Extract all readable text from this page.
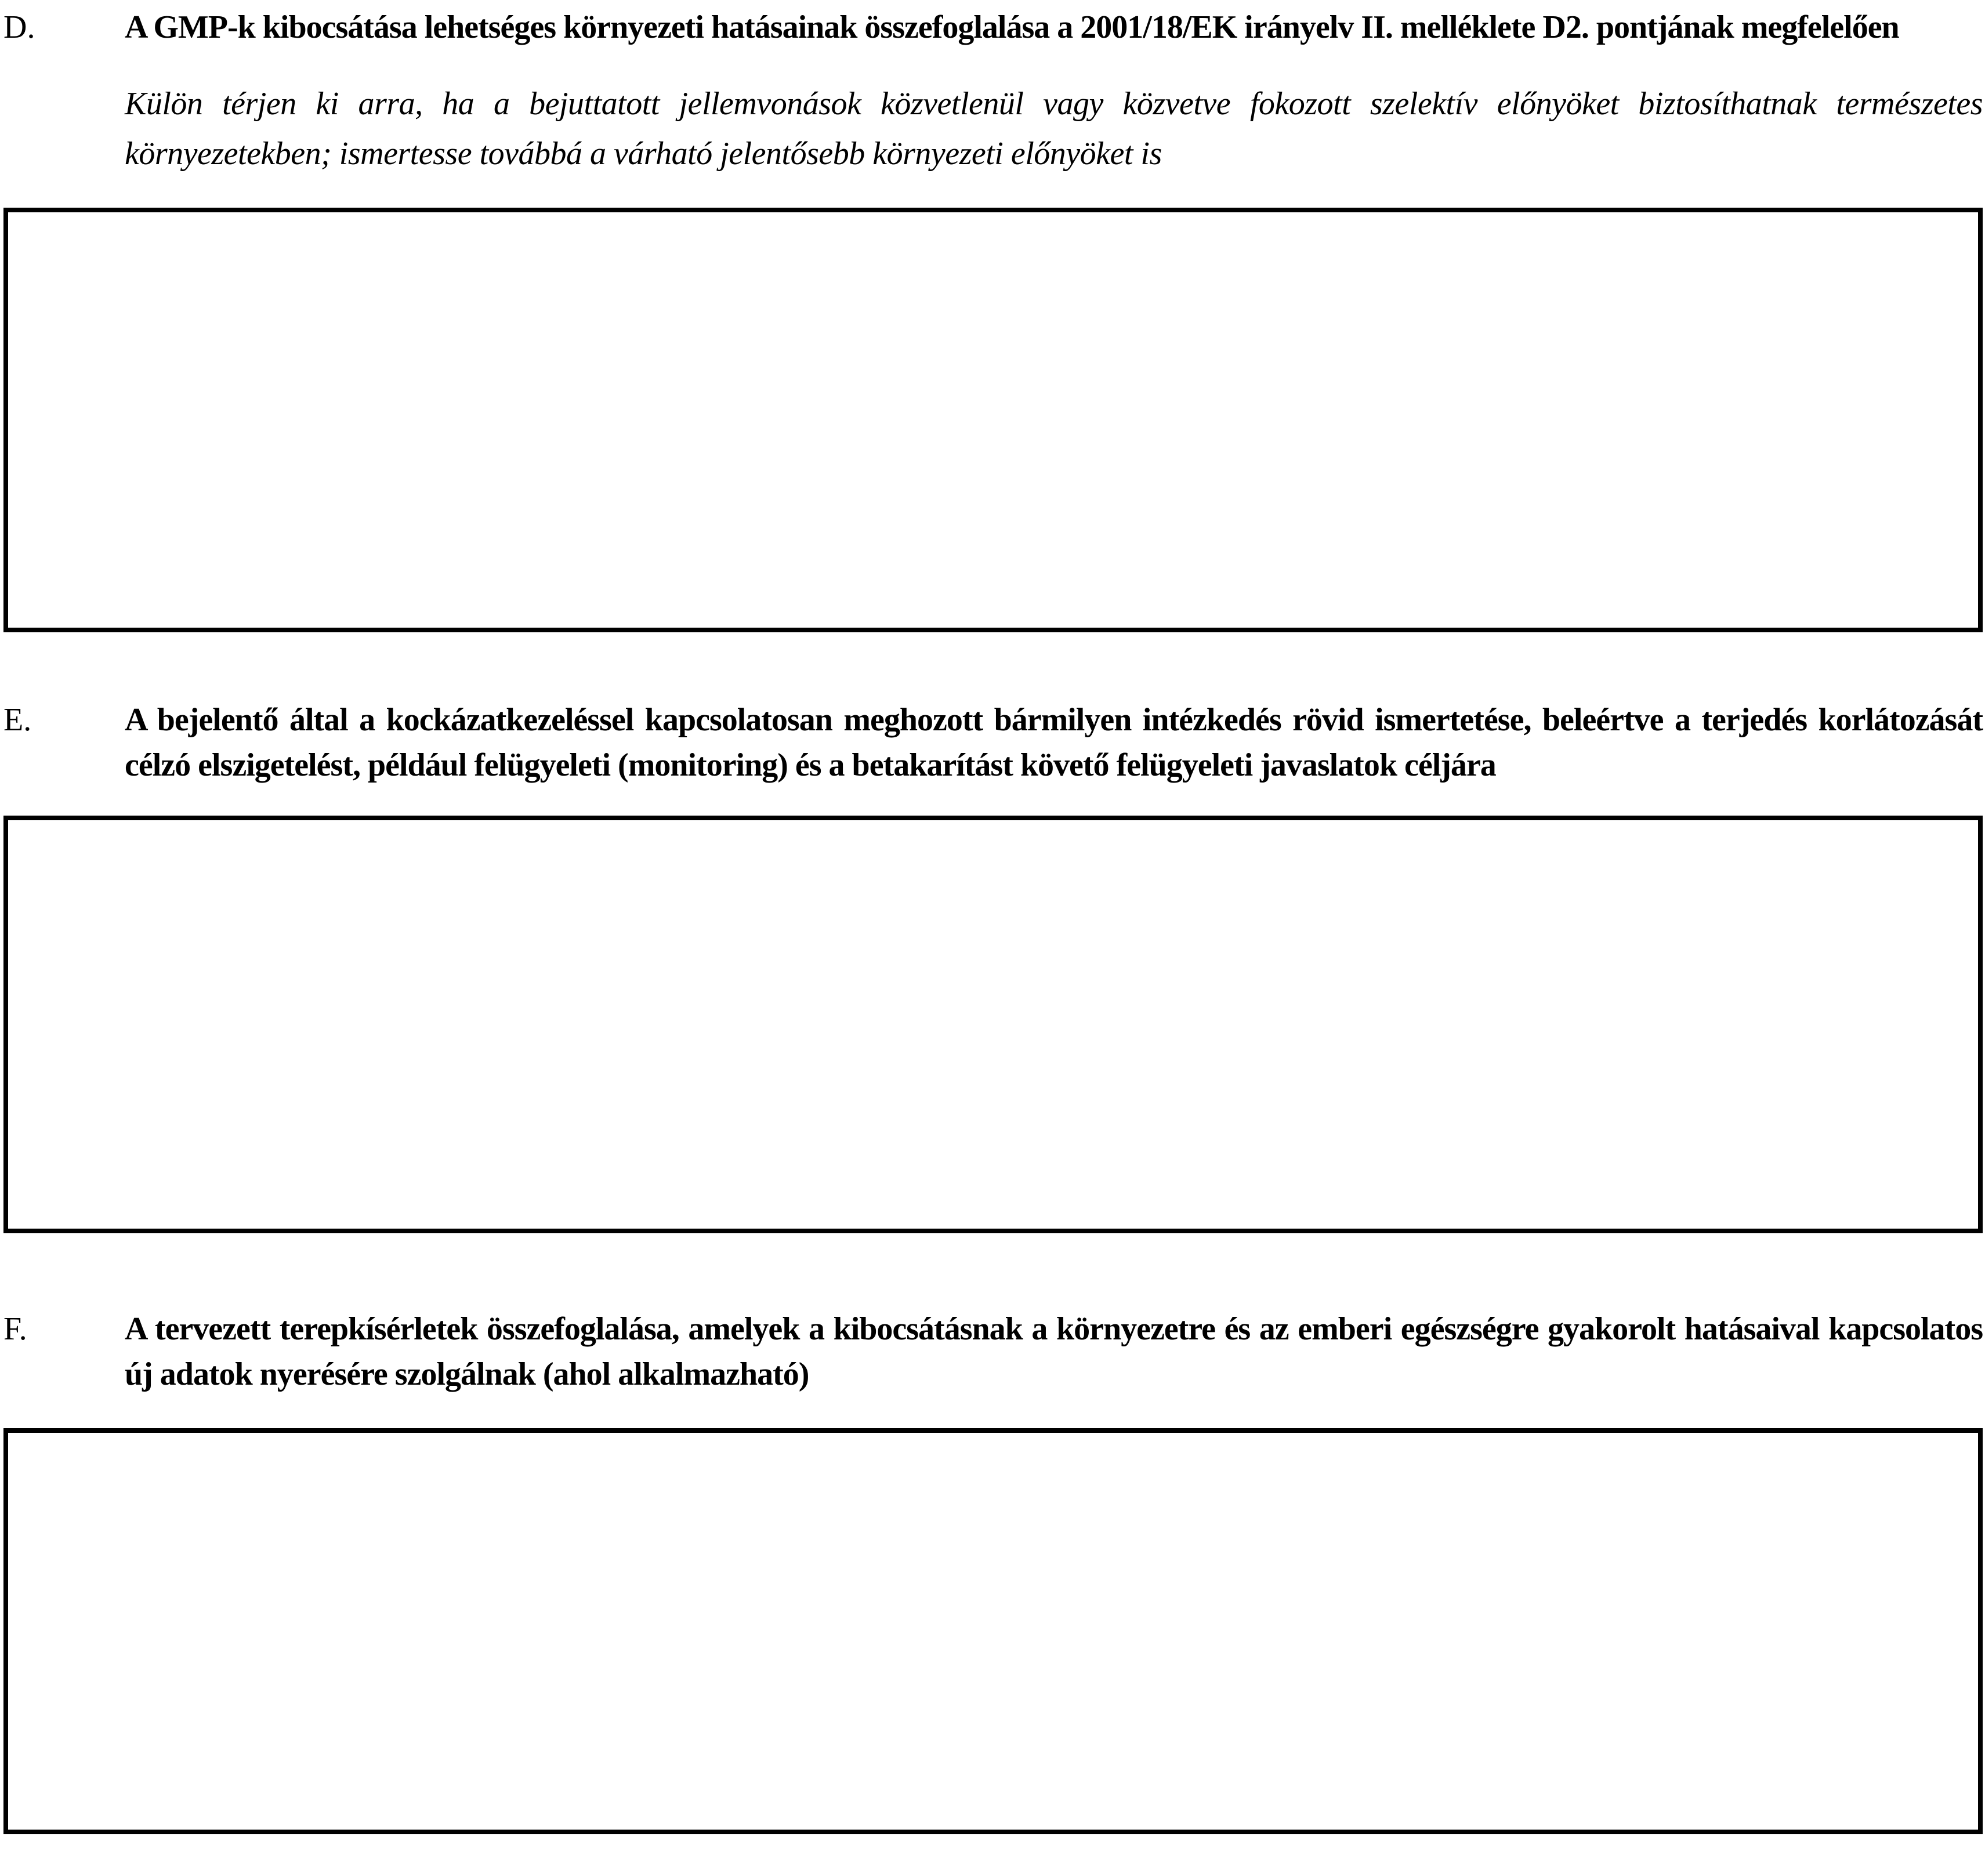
D.	A GMP-k kibocsátása lehetséges környezeti hatásainak összefoglalása a 2001/18/EK irányelv II. melléklete D2. pontjának megfelelően

Külön térjen ki arra, ha a bejuttatott jellemvonások közvetlenül vagy közvetve fokozott szelektív előnyöket biztosíthatnak természetes környezetekben; ismertesse továbbá a várható jelentősebb környezeti előnyöket is

E.	A bejelentő által a kockázatkezeléssel kapcsolatosan meghozott bármilyen intézkedés rövid ismertetése, beleértve a terjedés korlátozását célzó elszigetelést, például felügyeleti (monitoring) és a betakarítást követő felügyeleti javaslatok céljára
F.	A tervezett terepkísérletek összefoglalása, amelyek a kibocsátásnak a környezetre és az emberi egészségre gyakorolt hatásaival kapcsolatos új adatok nyerésére szolgálnak (ahol alkalmazható)
